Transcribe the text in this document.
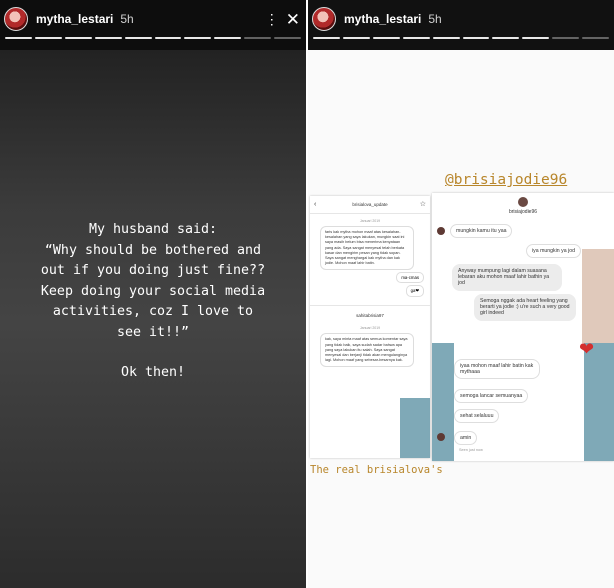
mytha_lestari 5h	⋮ ✕

My husband said:

“Why should be bothered and

out if you doing just fine??

Keep doing your social media

activities, coz I love to

see it!!”

Ok then!

mytha_lestari 5h
@brisiajodie96
‹	brisialova_update	☆
Januari 2019
faris kak mytha mohon maaf atas kesalahan-kesalahan yang saya lakukan, mungkin saat ini saya masih belum bisa menerima kenyataan yang ada. Saya sangat menyesal telah berkata kasar dan mengirim pesan yang tidak sopan. Saya sangat menghargai kak mytha dan kak jodie. Mohon maaf lahir batin.
ma-cmas
ga❤
sahitabrisia97
Januari 2019
kak, saya minta maaf atas semua komentar saya yang tidak baik, saya sudah sadar bahwa apa yang saya lakukan itu salah. Saya sangat menyesal dan berjanji tidak akan mengulanginya lagi. Mohon maaf yang sebesar-besarnya kak.
brisiajodie96
mungkin kamu itu yaa
iya mungkin ya jod
Anyway mumpung lagi dalam suasana lebaran aku mohon maaf lahir bathin ya jod
Semoga nggak ada heart feeling yang berarti ya jodie :) u're such a very good girl indeed
❤
iyaa mohon maaf lahir batin kak mythaaa
semoga lancar semuanyaa
sehat selaluuu
amin
Seen just now
The real brisialova's
